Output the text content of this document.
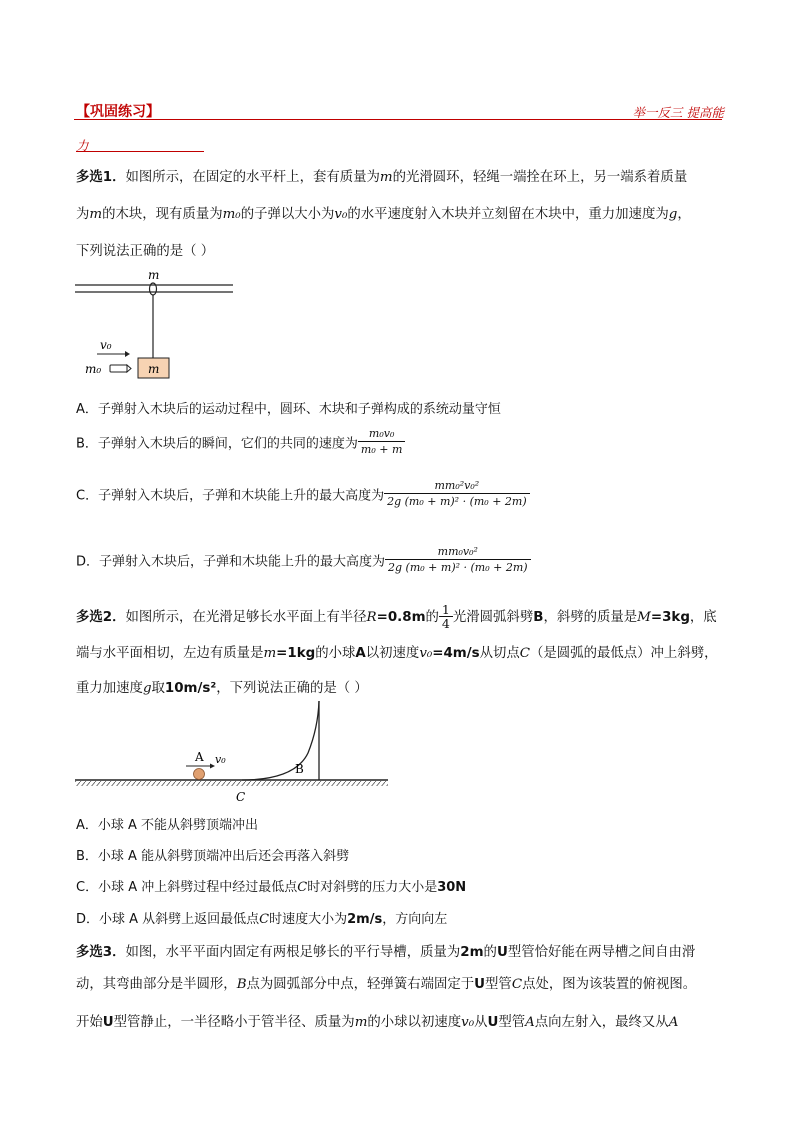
【巩固练习】	举一反三 提高能
力
多选1．如图所示，在固定的水平杆上，套有质量为m的光滑圆环，轻绳一端拴在环上，另一端系着质量
为m的木块，现有质量为m₀的子弹以大小为v₀的水平速度射入木块并立刻留在木块中，重力加速度为g，
下列说法正确的是（ ）
m
m
v₀
m₀
A．子弹射入木块后的运动过程中，圆环、木块和子弹构成的系统动量守恒
B．子弹射入木块后的瞬间，它们的共同的速度为 $\frac{\text{m₀v₀}}{\text{m₀ + m}}$
C．子弹射入木块后，子弹和木块能上升的最大高度为 $\frac{\text{mm₀²v₀²}}{\text{2g (m₀ + m)² · (m₀ + 2m)}}$
D．子弹射入木块后，子弹和木块能上升的最大高度为 $\frac{\text{mm₀v₀²}}{\text{2g (m₀ + m)² · (m₀ + 2m)}}$
多选2．如图所示，在光滑足够长水平面上有半径R=0.8m的 $\frac{1}{4}$ 光滑圆弧斜劈B，斜劈的质量是M=3kg，底
端与水平面相切，左边有质量是m=1kg的小球A以初速度v₀=4m/s从切点C（是圆弧的最低点）冲上斜劈，
重力加速度g取10m/s²，下列说法正确的是（ ）
B
A v₀
C
A．小球 A 不能从斜劈顶端冲出
B．小球 A 能从斜劈顶端冲出后还会再落入斜劈
C．小球 A 冲上斜劈过程中经过最低点C时对斜劈的压力大小是30N
D．小球 A 从斜劈上返回最低点C时速度大小为2m/s，方向向左
多选3．如图，水平平面内固定有两根足够长的平行导槽，质量为2m的U型管恰好能在两导槽之间自由滑
动，其弯曲部分是半圆形，B点为圆弧部分中点，轻弹簧右端固定于U型管C点处，图为该装置的俯视图。
开始U型管静止，一半径略小于管半径、质量为m的小球以初速度v₀从U型管A点向左射入，最终又从A
